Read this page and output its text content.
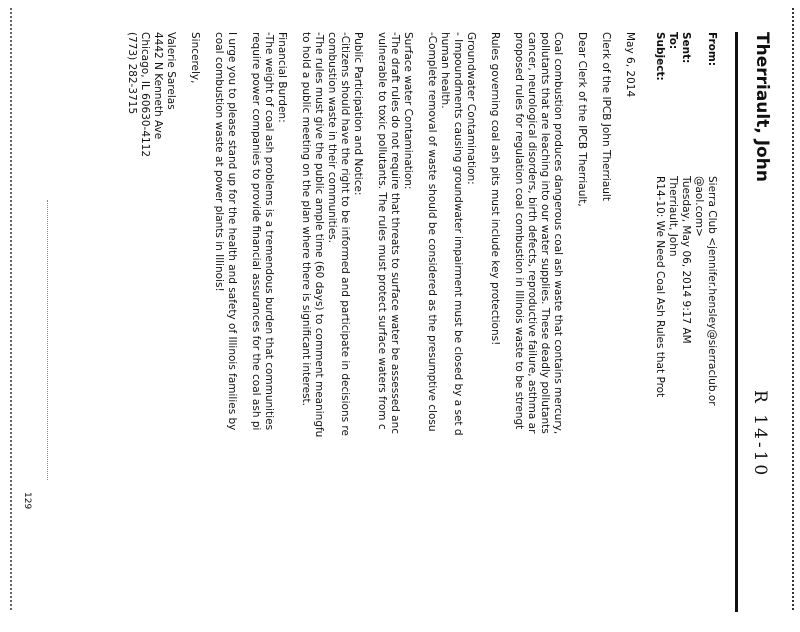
R 14-10
Therriault, John
From:
Sierra Club <jennifer.hensley@sierraclub.or
@aol.com>
Sent:
Tuesday, May 06, 2014 9:17 AM
To:
Therriault, John
Subject:
R14-10: We Need Coal Ash Rules that Prot

May 6, 2014

Clerk of the IPCB John Therriault

Dear Clerk of the IPCB Therriault,

Coal combustion produces dangerous coal ash waste that contains mercury,
pollutants that are leaching into our water supplies. These deadly pollutants
cancer, neurological disorders, birth defects, reproductive failure, asthma ar
proposed rules for regulation coal combustion in Illinois waste to be strengt

Rules governing coal ash pits must include key protections!

Groundwater Contamination:
- Impoundments causing groundwater impairment must be closed by a set d
human health.
-Complete removal of waste should be considered as the presumptive closu

Surface water Contamination:
-The draft rules do not require that threats to surface water be assessed anc
vulnerable to toxic pollutants. The rules must protect surface waters from c

Public Participation and Notice:
-Citizens should have the right to be informed and participate in decisions re
combustion waste in their communities.
-The rules must give the public ample time (60 days) to comment meaningfu
to hold a public meeting on the plan where there is significant interest.

Financial Burden:
-The weight of coal ash problems is a tremendous burden that communities
require power companies to provide financial assurances for the coal ash pi

I urge you to please stand up for the health and safety of Illinois families by
coal combustion waste at power plants in Illinois!

Sincerely,

Valerie Sarelas
4442 N Kenneth Ave
Chicago, IL 60630-4112
(773) 282-3715

129
